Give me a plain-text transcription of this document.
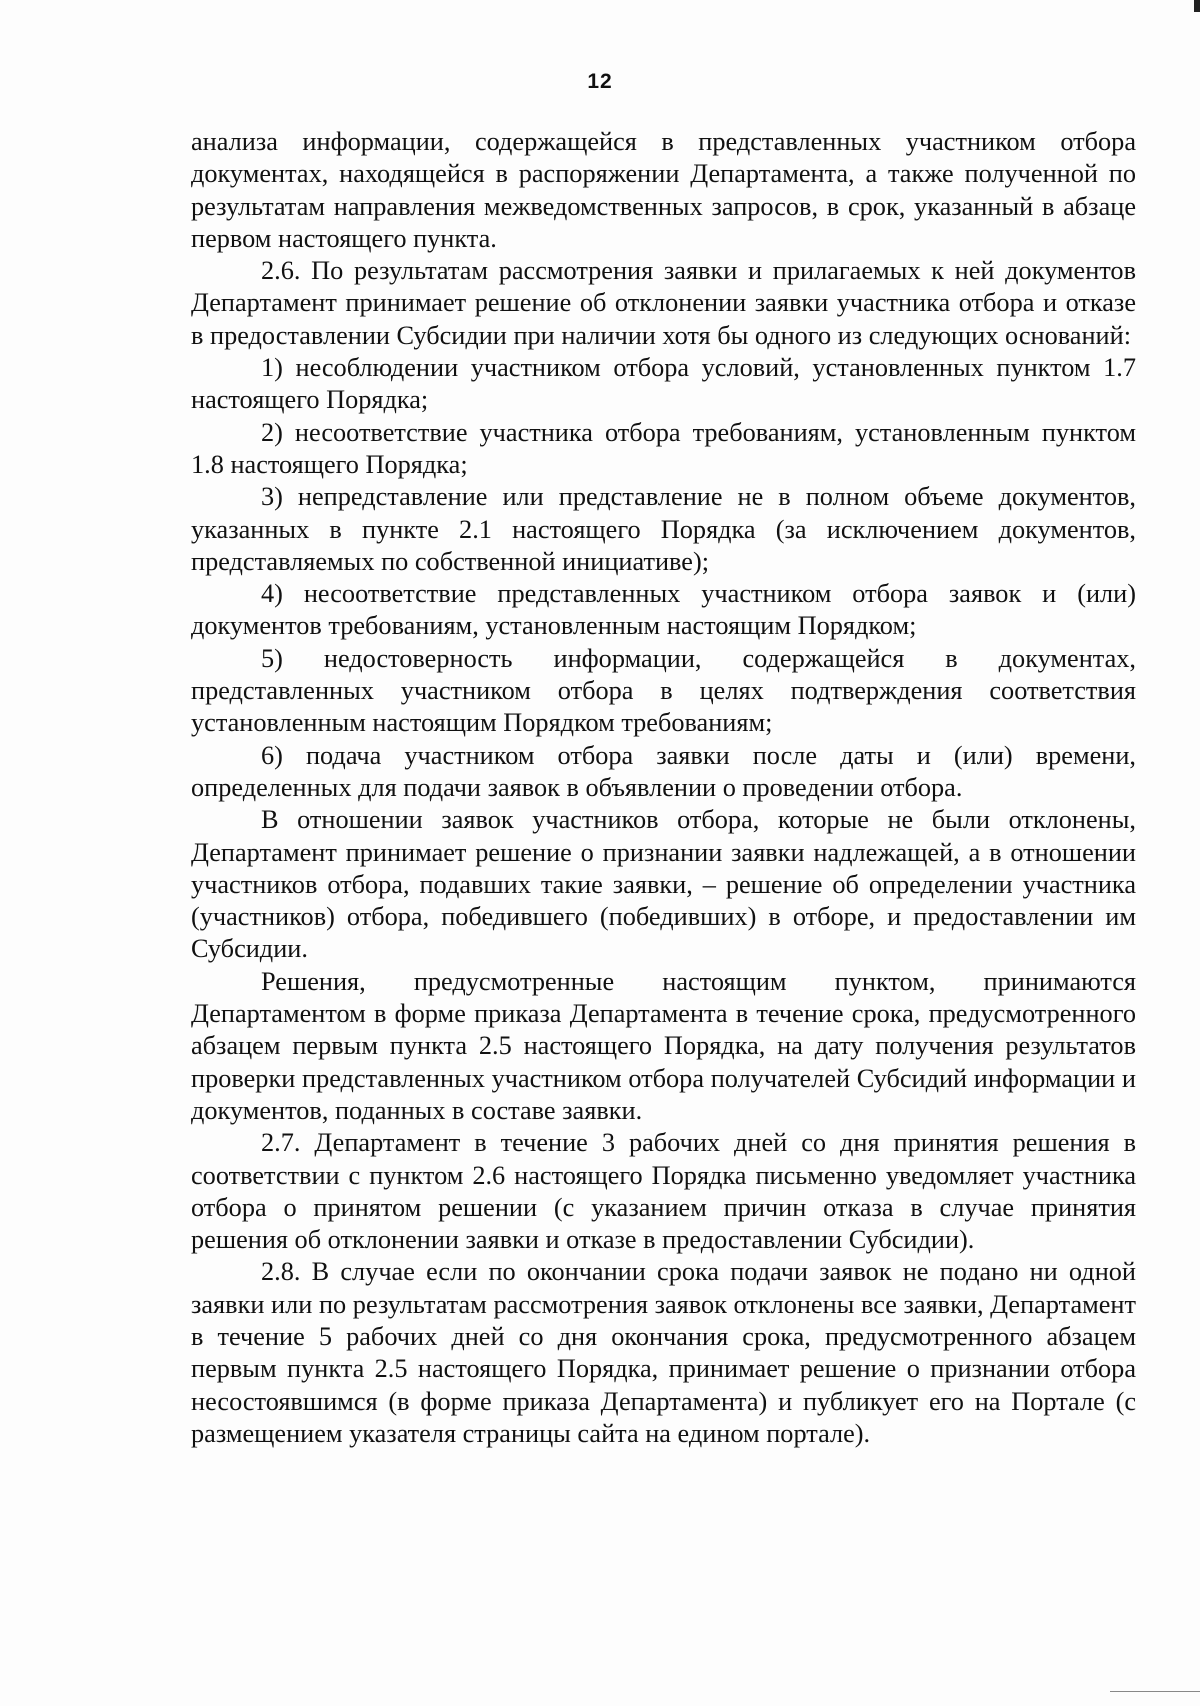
12

анализа информации, содержащейся в представленных участником отбора документах, находящейся в распоряжении Департамента, а также полученной по результатам направления межведомственных запросов, в срок, указанный в абзаце первом настоящего пункта.

2.6. По результатам рассмотрения заявки и прилагаемых к ней документов Департамент принимает решение об отклонении заявки участника отбора и отказе в предоставлении Субсидии при наличии хотя бы одного из следующих оснований:

1) несоблюдении участником отбора условий, установленных пунктом 1.7 настоящего Порядка;

2) несоответствие участника отбора требованиям, установленным пунктом 1.8 настоящего Порядка;

3) непредставление или представление не в полном объеме документов, указанных в пункте 2.1 настоящего Порядка (за исключением документов, представляемых по собственной инициативе);

4) несоответствие представленных участником отбора заявок и (или) документов требованиям, установленным настоящим Порядком;

5) недостоверность информации, содержащейся в документах, представленных участником отбора в целях подтверждения соответствия установленным настоящим Порядком требованиям;

6) подача участником отбора заявки после даты и (или) времени, определенных для подачи заявок в объявлении о проведении отбора.

В отношении заявок участников отбора, которые не были отклонены, Департамент принимает решение о признании заявки надлежащей, а в отношении участников отбора, подавших такие заявки, – решение об определении участника (участников) отбора, победившего (победивших) в отборе, и предоставлении им Субсидии.

Решения, предусмотренные настоящим пунктом, принимаются Департаментом в форме приказа Департамента в течение срока, предусмотренного абзацем первым пункта 2.5 настоящего Порядка, на дату получения результатов проверки представленных участником отбора получателей Субсидий информации и документов, поданных в составе заявки.

2.7. Департамент в течение 3 рабочих дней со дня принятия решения в соответствии с пунктом 2.6 настоящего Порядка письменно уведомляет участника отбора о принятом решении (с указанием причин отказа в случае принятия решения об отклонении заявки и отказе в предоставлении Субсидии).

2.8. В случае если по окончании срока подачи заявок не подано ни одной заявки или по результатам рассмотрения заявок отклонены все заявки, Департамент в течение 5 рабочих дней со дня окончания срока, предусмотренного абзацем первым пункта 2.5 настоящего Порядка, принимает решение о признании отбора несостоявшимся (в форме приказа Департамента) и публикует его на Портале (с размещением указателя страницы сайта на едином портале).
